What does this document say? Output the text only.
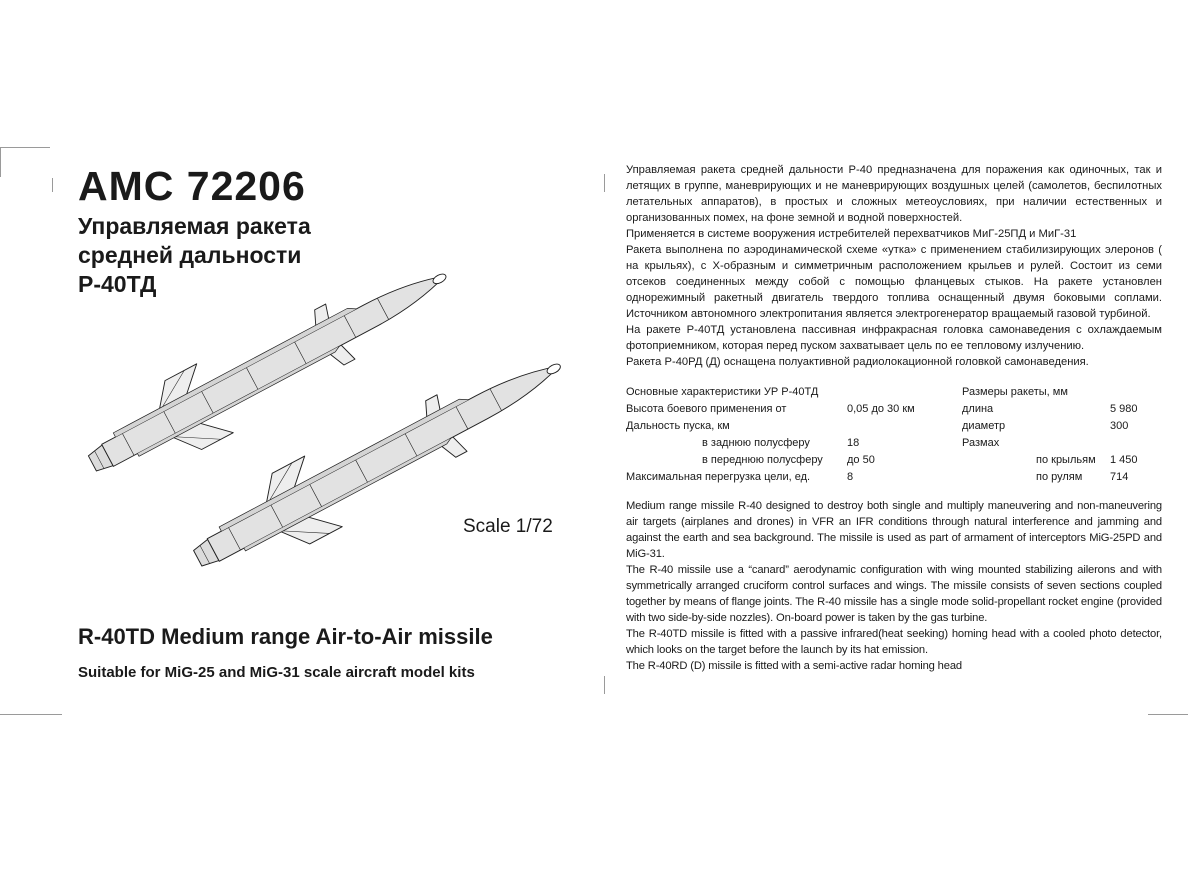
AMC 72206
Управляемая ракета
средней дальности
Р-40ТД
Scale 1/72
R-40TD Medium range Air-to-Air missile
Suitable for MiG-25 and MiG-31 scale aircraft model kits

Управляемая ракета средней дальности Р-40 предназначена для поражения как одиночных, так и летящих в группе, маневрирующих и не маневрирующих воздушных целей (самолетов, беспилотных летательных аппаратов), в простых и сложных метеоусловиях, при наличии естественных и организованных помех, на фоне земной и водной поверхностей.

Применяется в системе вооружения истребителей перехватчиков МиГ-25ПД и МиГ-31

Ракета выполнена по аэродинамической схеме «утка» с применением стабилизирующих элеронов ( на крыльях), с Х-образным и симметричным расположением крыльев и рулей. Состоит из семи отсеков соединенных между собой с помощью фланцевых стыков. На ракете установлен однорежимный ракетный двигатель твердого топлива оснащенный двумя боковыми соплами. Источником автономного электропитания является электрогенератор вращаемый газовой турбиной.

На ракете Р-40ТД установлена пассивная инфракрасная головка самонаведения с охлаждаемым фотоприемником, которая перед пуском захватывает цель по ее тепловому излучению.

Ракета Р-40РД (Д) оснащена полуактивной радиолокационной головкой самонаведения.

Основные характеристики УР Р-40ТД
Высота боевого применения от	0,05 до 30 км
Дальность пуска, км
в заднюю полусферу	18
в переднюю полусферу до 50
Максимальная перегрузка цели, ед.	8
Размеры ракеты, мм
длина	5 980
диаметр	300
Размах
по крыльям 1 450
по рулям	714

Medium range missile R-40 designed to destroy both single and multiply maneuvering and non-maneuvering air targets (airplanes and drones) in VFR an IFR conditions through natural interference and jamming and against the earth and sea background. The missile is used as part of armament of interceptors MiG-25PD and MiG-31.

The R-40 missile use a “canard” aerodynamic configuration with wing mounted stabilizing ailerons and with symmetrically arranged cruciform control surfaces and wings. The missile consists of seven sections coupled together by means of flange joints. The R-40 missile has a single mode solid-propellant rocket engine (provided with two side-by-side nozzles). On-board power is taken by the gas turbine.

The R-40TD missile is fitted with a passive infrared(heat seeking) homing head with a cooled photo detector, which looks on the target before the launch by its hat emission.

The R-40RD (D) missile is fitted with a semi-active radar homing head
